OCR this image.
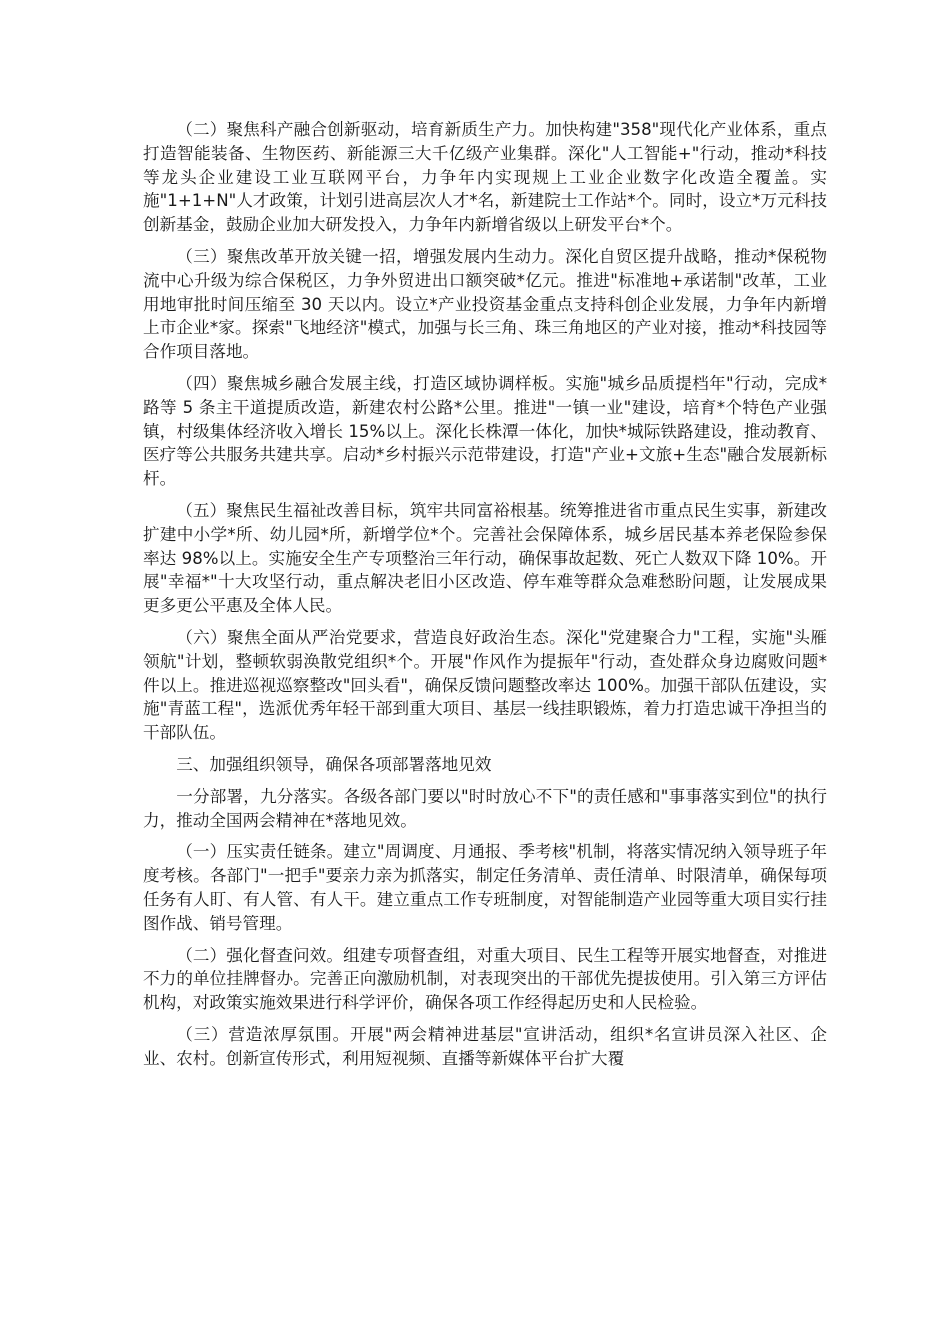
（二）聚焦科产融合创新驱动，培育新质生产力。加快构建"358"现代化产业体系，重点打造智能装备、生物医药、新能源三大千亿级产业集群。深化"人工智能+"行动，推动*科技等龙头企业建设工业互联网平台，力争年内实现规上工业企业数字化改造全覆盖。实施"1+1+N"人才政策，计划引进高层次人才*名，新建院士工作站*个。同时，设立*万元科技创新基金，鼓励企业加大研发投入，力争年内新增省级以上研发平台*个。

（三）聚焦改革开放关键一招，增强发展内生动力。深化自贸区提升战略，推动*保税物流中心升级为综合保税区，力争外贸进出口额突破*亿元。推进"标准地+承诺制"改革，工业用地审批时间压缩至 30 天以内。设立*产业投资基金重点支持科创企业发展，力争年内新增上市企业*家。探索"飞地经济"模式，加强与长三角、珠三角地区的产业对接，推动*科技园等合作项目落地。

（四）聚焦城乡融合发展主线，打造区域协调样板。实施"城乡品质提档年"行动，完成*路等 5 条主干道提质改造，新建农村公路*公里。推进"一镇一业"建设，培育*个特色产业强镇，村级集体经济收入增长 15%以上。深化长株潭一体化，加快*城际铁路建设，推动教育、医疗等公共服务共建共享。启动*乡村振兴示范带建设，打造"产业+文旅+生态"融合发展新标杆。

（五）聚焦民生福祉改善目标，筑牢共同富裕根基。统筹推进省市重点民生实事，新建改扩建中小学*所、幼儿园*所，新增学位*个。完善社会保障体系，城乡居民基本养老保险参保率达 98%以上。实施安全生产专项整治三年行动，确保事故起数、死亡人数双下降 10%。开展"幸福*"十大攻坚行动，重点解决老旧小区改造、停车难等群众急难愁盼问题，让发展成果更多更公平惠及全体人民。

（六）聚焦全面从严治党要求，营造良好政治生态。深化"党建聚合力"工程，实施"头雁领航"计划，整顿软弱涣散党组织*个。开展"作风作为提振年"行动，查处群众身边腐败问题*件以上。推进巡视巡察整改"回头看"，确保反馈问题整改率达 100%。加强干部队伍建设，实施"青蓝工程"，选派优秀年轻干部到重大项目、基层一线挂职锻炼，着力打造忠诚干净担当的干部队伍。

三、加强组织领导，确保各项部署落地见效

一分部署，九分落实。各级各部门要以"时时放心不下"的责任感和"事事落实到位"的执行力，推动全国两会精神在*落地见效。

（一）压实责任链条。建立"周调度、月通报、季考核"机制，将落实情况纳入领导班子年度考核。各部门"一把手"要亲力亲为抓落实，制定任务清单、责任清单、时限清单，确保每项任务有人盯、有人管、有人干。建立重点工作专班制度，对智能制造产业园等重大项目实行挂图作战、销号管理。

（二）强化督查问效。组建专项督查组，对重大项目、民生工程等开展实地督查，对推进不力的单位挂牌督办。完善正向激励机制，对表现突出的干部优先提拔使用。引入第三方评估机构，对政策实施效果进行科学评价，确保各项工作经得起历史和人民检验。

（三）营造浓厚氛围。开展"两会精神进基层"宣讲活动，组织*名宣讲员深入社区、企业、农村。创新宣传形式，利用短视频、直播等新媒体平台扩大覆
